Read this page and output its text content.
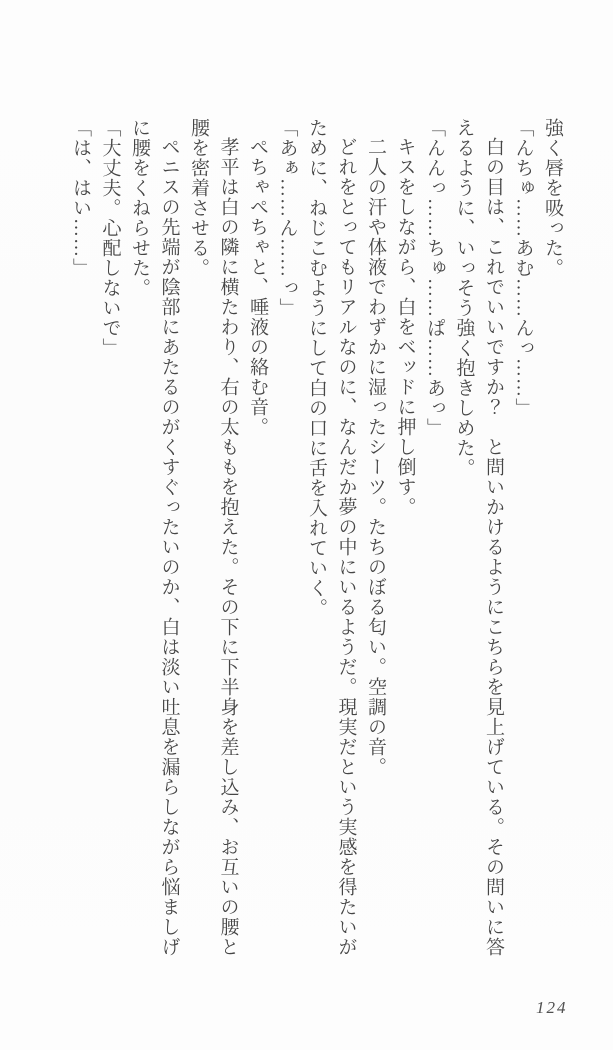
強く唇を吸った。

「んちゅ……あむ……んっ……」

白の目は、これでいいですか？　と問いかけるようにこちらを見上げている。その問いに答えるように、いっそう強く抱きしめた。

「んんっ……ちゅ……ぱ……あっ」

キスをしながら、白をベッドに押し倒す。

二人の汗や体液でわずかに湿ったシーツ。たちのぼる匂い。空調の音。

どれをとってもリアルなのに、なんだか夢の中にいるようだ。現実だという実感を得たいがために、ねじこむようにして白の口に舌を入れていく。

「あぁ……ん……っ」

ぺちゃぺちゃと、唾液の絡む音。

孝平は白の隣に横たわり、右の太ももを抱えた。その下に下半身を差し込み、お互いの腰と腰を密着させる。

ペニスの先端が陰部にあたるのがくすぐったいのか、白は淡い吐息を漏らしながら悩ましげに腰をくねらせた。

「大丈夫。心配しないで」

「は、はい……」

124
